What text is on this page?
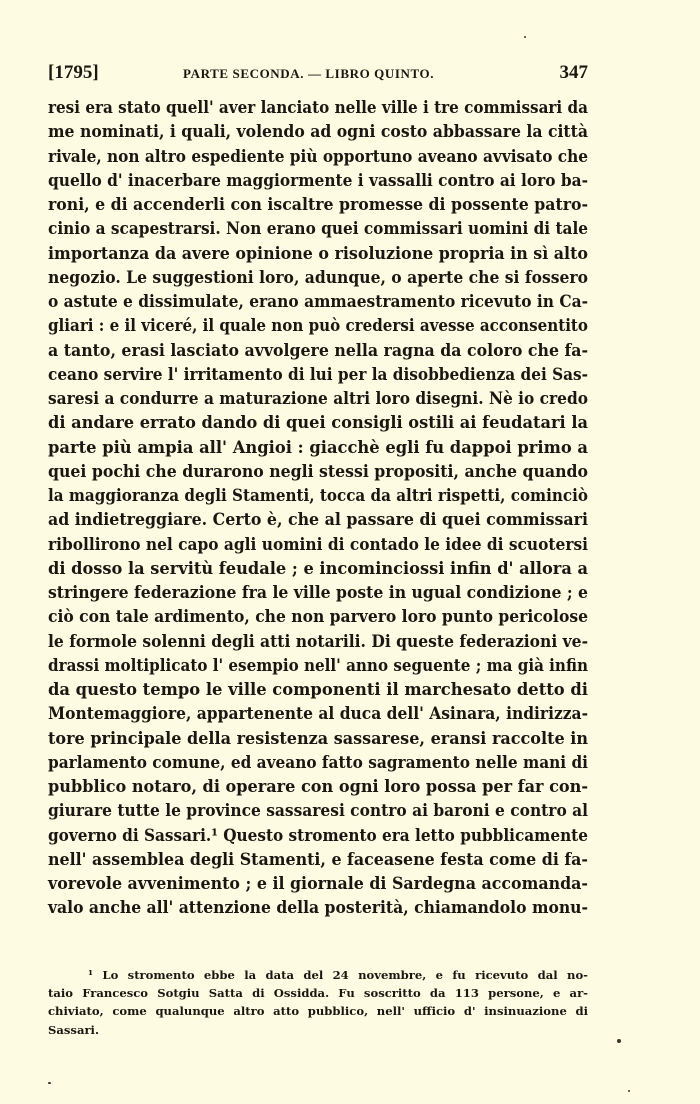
[1795]	PARTE SECONDA. — LIBRO QUINTO.	347
resi era stato quell' aver lanciato nelle ville i tre commissari da
me nominati, i quali, volendo ad ogni costo abbassare la città
rivale, non altro espediente più opportuno aveano avvisato che
quello d' inacerbare maggiormente i vassalli contro ai loro ba-
roni, e di accenderli con iscaltre promesse di possente patro-
cinio a scapestrarsi. Non erano quei commissari uomini di tale
importanza da avere opinione o risoluzione propria in sì alto
negozio. Le suggestioni loro, adunque, o aperte che si fossero
o astute e dissimulate, erano ammaestramento ricevuto in Ca-
gliari : e il viceré, il quale non può credersi avesse acconsentito
a tanto, erasi lasciato avvolgere nella ragna da coloro che fa-
ceano servire l' irritamento di lui per la disobbedienza dei Sas-
saresi a condurre a maturazione altri loro disegni. Nè io credo
di andare errato dando di quei consigli ostili ai feudatari la
parte più ampia all' Angioi : giacchè egli fu dappoi primo a
quei pochi che durarono negli stessi propositi, anche quando
la maggioranza degli Stamenti, tocca da altri rispetti, cominciò
ad indietreggiare. Certo è, che al passare di quei commissari
ribollirono nel capo agli uomini di contado le idee di scuotersi
di dosso la servitù feudale ; e incominciossi infin d' allora a
stringere federazione fra le ville poste in ugual condizione ; e
ciò con tale ardimento, che non parvero loro punto pericolose
le formole solenni degli atti notarili. Di queste federazioni ve-
drassi moltiplicato l' esempio nell' anno seguente ; ma già infin
da questo tempo le ville componenti il marchesato detto di
Montemaggiore, appartenente al duca dell' Asinara, indirizza-
tore principale della resistenza sassarese, eransi raccolte in
parlamento comune, ed aveano fatto sagramento nelle mani di
pubblico notaro, di operare con ogni loro possa per far con-
giurare tutte le province sassaresi contro ai baroni e contro al
governo di Sassari.¹ Questo stromento era letto pubblicamente
nell' assemblea degli Stamenti, e faceasene festa come di fa-
vorevole avvenimento ; e il giornale di Sardegna accomanda-
valo anche all' attenzione della posterità, chiamandolo monu-
¹ Lo stromento ebbe la data del 24 novembre, e fu ricevuto dal no-
taio Francesco Sotgiu Satta di Ossidda. Fu soscritto da 113 persone, e ar-
chiviato, come qualunque altro atto pubblico, nell' ufficio d' insinuazione di
Sassari.
